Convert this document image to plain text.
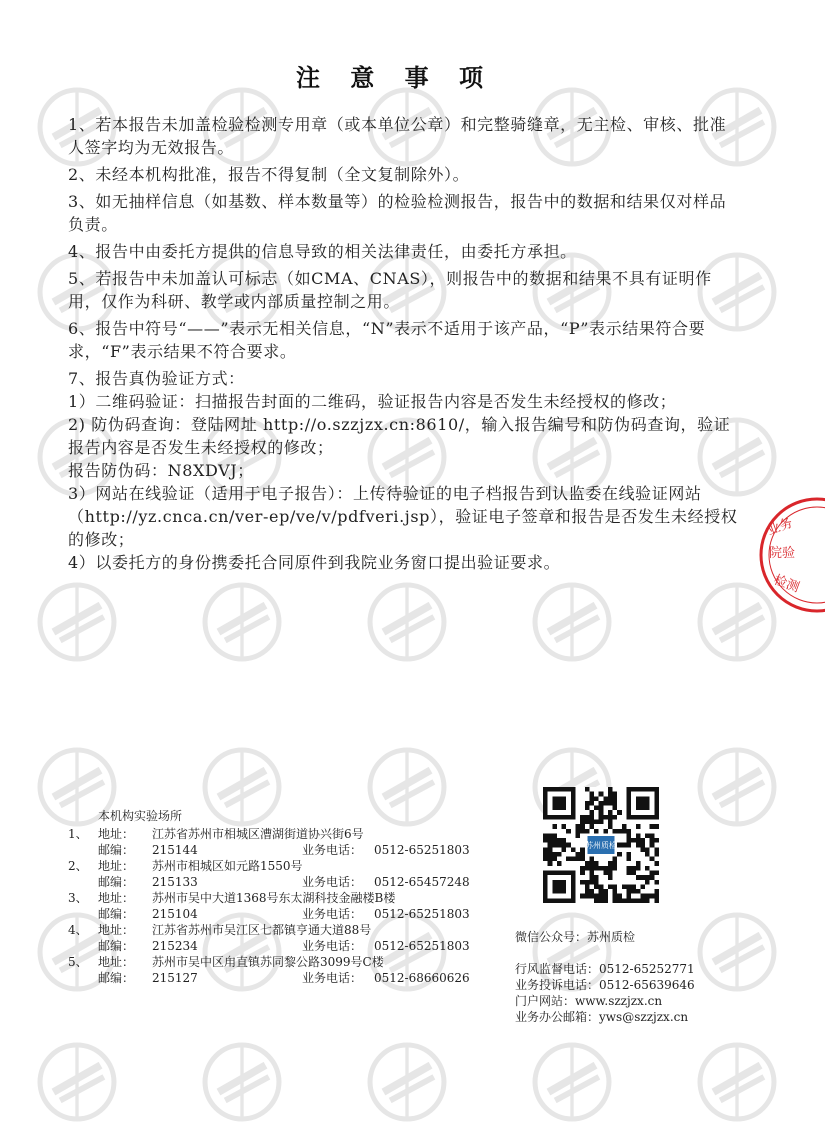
业务
院验
检测
注 意 事 项

1、若本报告未加盖检验检测专用章（或本单位公章）和完整骑缝章，无主检、审核、批准人签字均为无效报告。

2、未经本机构批准，报告不得复制（全文复制除外）。

3、如无抽样信息（如基数、样本数量等）的检验检测报告，报告中的数据和结果仅对样品负责。

4、报告中由委托方提供的信息导致的相关法律责任，由委托方承担。

5、若报告中未加盖认可标志（如CMA、CNAS），则报告中的数据和结果不具有证明作用，仅作为科研、教学或内部质量控制之用。

6、报告中符号“——”表示无相关信息，“N”表示不适用于该产品，“P”表示结果符合要求，“F”表示结果不符合要求。

7、报告真伪验证方式：

1）二维码验证：扫描报告封面的二维码，验证报告内容是否发生未经授权的修改；

2) 防伪码查询：登陆网址 http://o.szzjzx.cn:8610/，输入报告编号和防伪码查询，验证报告内容是否发生未经授权的修改；

报告防伪码：N8XDVJ；

3）网站在线验证（适用于电子报告）：上传待验证的电子档报告到认监委在线验证网站（http://yz.cnca.cn/ver-ep/ve/v/pdfveri.jsp），验证电子签章和报告是否发生未经授权的修改；

4）以委托方的身份携委托合同原件到我院业务窗口提出验证要求。

本机构实验场所
1、 地址：	江苏省苏州市相城区漕湖街道协兴街6号
邮编：	215144	业务电话： 0512-65251803
2、 地址：	苏州市相城区如元路1550号
邮编：	215133	业务电话： 0512-65457248
3、 地址：	苏州市吴中大道1368号东太湖科技金融楼B楼
邮编：	215104	业务电话： 0512-65251803
4、 地址：	江苏省苏州市吴江区七都镇亨通大道88号
邮编：	215234	业务电话： 0512-65251803
5、 地址：	苏州市吴中区甪直镇苏同黎公路3099号C楼
邮编：	215127	业务电话： 0512-68660626
苏州质检
微信公众号：苏州质检
行风监督电话：0512-65252771
业务投诉电话：0512-65639646
门户网站：www.szzjzx.cn
业务办公邮箱：yws@szzjzx.cn
